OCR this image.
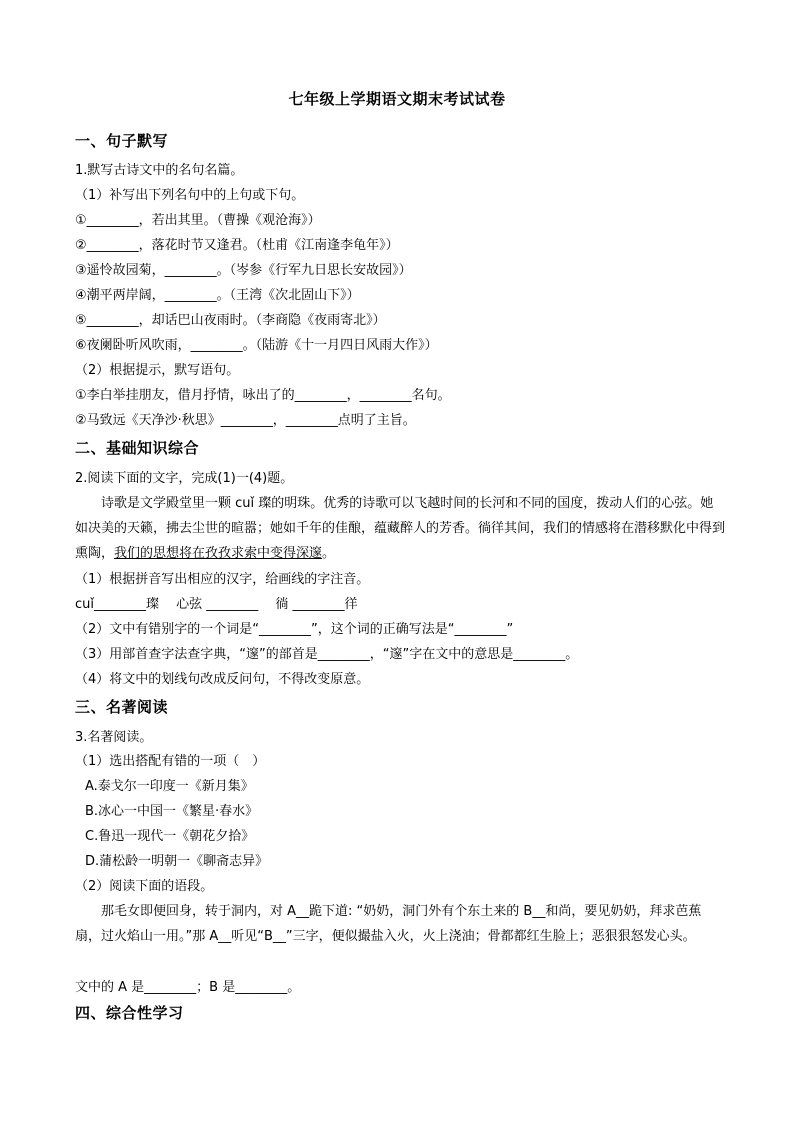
七年级上学期语文期末考试试卷
一、句子默写
1.默写古诗文中的名句名篇。
（1）补写出下列名句中的上句或下句。
①________，若出其里。（曹操《观沧海》）
②________，落花时节又逢君。（杜甫《江南逢李龟年》）
③遥怜故园菊，________。（岑参《行军九日思长安故园》）
④潮平两岸阔，________。（王湾《次北固山下》）
⑤________，却话巴山夜雨时。（李商隐《夜雨寄北》）
⑥夜阑卧听风吹雨，________。（陆游《十一月四日风雨大作》）
（2）根据提示，默写语句。
①李白举挂朋友，借月抒情，咏出了的________，________名句。
②马致远《天净沙·秋思》________，________点明了主旨。
二、基础知识综合
2.阅读下面的文字，完成(1)一(4)题。
诗歌是文学殿堂里一颗 cuǐ 璨的明珠。优秀的诗歌可以飞越时间的长河和不同的国度，拨动人们的心弦。她如决美的天籁，拂去尘世的暄嚣；她如千年的佳酿，蕴藏醉人的芳香。徜徉其间，我们的情感将在潜移默化中得到熏陶，我们的思想将在孜孜求索中变得深邃。
（1）根据拼音写出相应的汉字，给画线的字注音。
cuǐ________璨　 心弦 ________　 徜 ________徉
（2）文中有错别字的一个词是“________”，这个词的正确写法是“________”
（3）用部首查字法查字典，“邃”的部首是________，“邃”字在文中的意思是________。
（4）将文中的划线句改成反问句，不得改变原意。
三、名著阅读
3.名著阅读。
（1）选出搭配有错的一项（　）
A.泰戈尔一印度一《新月集》
B.冰心一中国一《繁星·春水》
C.鲁迅一现代一《朝花夕拾》
D.蒲松龄一明朝一《聊斋志异》
（2）阅读下面的语段。
那毛女即便回身，转于洞内，对 A__跪下道: “奶奶，洞门外有个东土来的 B__和尚，要见奶奶，拜求芭蕉扇，过火焰山一用。”那 A__听见“B__”三字，便似撮盐入火，火上浇油；骨都都红生脸上；恶狠狠怒发心头。
文中的 A 是________；B 是________。
四、综合性学习
